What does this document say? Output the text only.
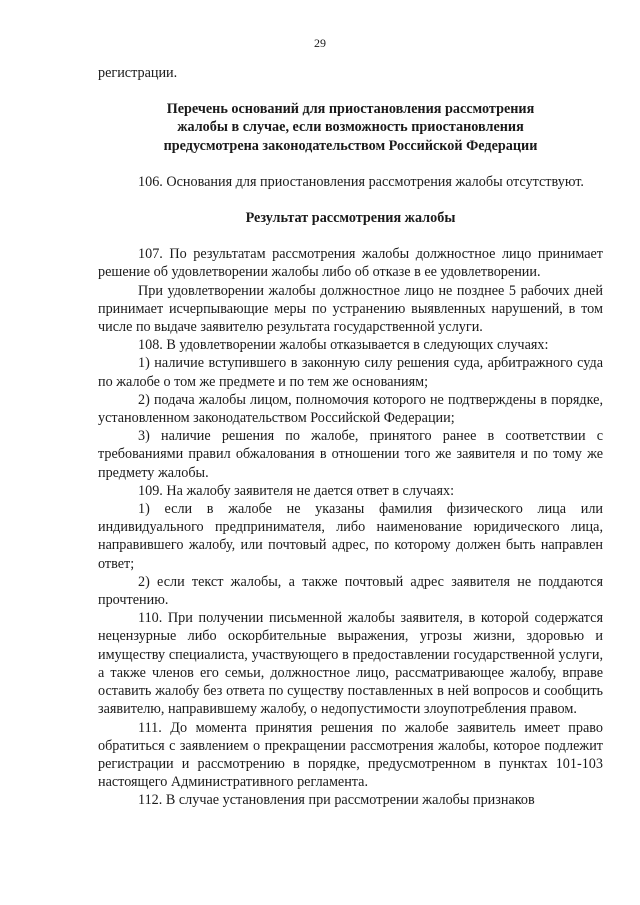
29

регистрации.

Перечень оснований для приостановления рассмотрения

жалобы в случае, если возможность приостановления

предусмотрена законодательством Российской Федерации

106. Основания для приостановления рассмотрения жалобы отсутствуют.

Результат рассмотрения жалобы

107. По результатам рассмотрения жалобы должностное лицо принимает решение об удовлетворении жалобы либо об отказе в ее удовлетворении.

При удовлетворении жалобы должностное лицо не позднее 5 рабочих дней принимает исчерпывающие меры по устранению выявленных нарушений, в том числе по выдаче заявителю результата государственной услуги.

108. В удовлетворении жалобы отказывается в следующих случаях:

1) наличие вступившего в законную силу решения суда, арбитражного суда по жалобе о том же предмете и по тем же основаниям;

2) подача жалобы лицом, полномочия которого не подтверждены в порядке, установленном законодательством Российской Федерации;

3) наличие решения по жалобе, принятого ранее в соответствии с требованиями правил обжалования в отношении того же заявителя и по тому же предмету жалобы.

109. На жалобу заявителя не дается ответ в случаях:

1) если в жалобе не указаны фамилия физического лица или индивидуального предпринимателя, либо наименование юридического лица, направившего жалобу, или почтовый адрес, по которому должен быть направлен ответ;

2) если текст жалобы, а также почтовый адрес заявителя не поддаются прочтению.

110. При получении письменной жалобы заявителя, в которой содержатся нецензурные либо оскорбительные выражения, угрозы жизни, здоровью и имуществу специалиста, участвующего в предоставлении государственной услуги, а также членов его семьи, должностное лицо, рассматривающее жалобу, вправе оставить жалобу без ответа по существу поставленных в ней вопросов и сообщить заявителю, направившему жалобу, о недопустимости злоупотребления правом.

111. До момента принятия решения по жалобе заявитель имеет право обратиться с заявлением о прекращении рассмотрения жалобы, которое подлежит регистрации и рассмотрению в порядке, предусмотренном в пунктах 101-103 настоящего Административного регламента.

112. В случае установления при рассмотрении жалобы признаков
